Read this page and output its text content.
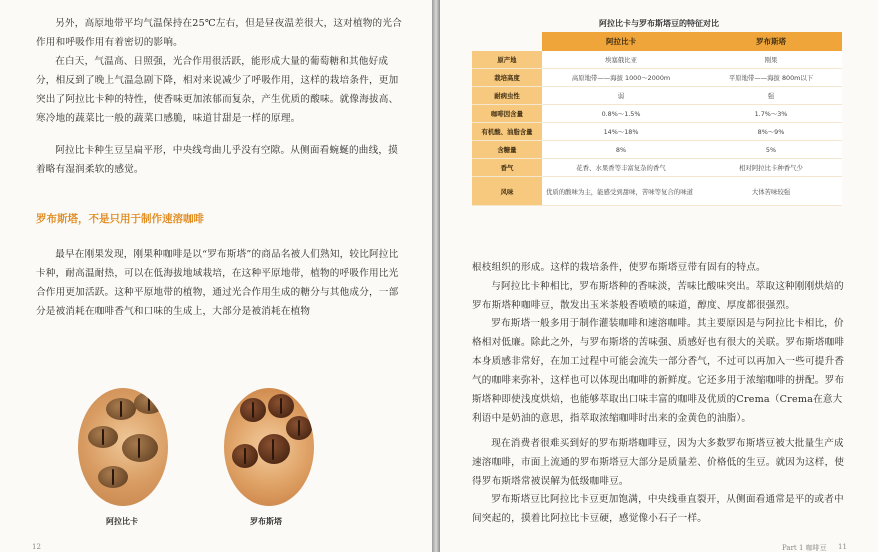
另外，高原地带平均气温保持在25℃左右，但是昼夜温差很大，这对植物的光合作用和呼吸作用有着密切的影响。

在白天，气温高、日照强，光合作用很活跃，能形成大量的葡萄糖和其他好成分，相反到了晚上气温急剧下降，相对来说减少了呼吸作用，这样的栽培条件，更加突出了阿拉比卡种的特性，使香味更加浓郁而复杂，产生优质的酸味。就像海拔高、寒冷地的蔬菜比一般的蔬菜口感脆，味道甘甜是一样的原理。

阿拉比卡种生豆呈扁平形，中央线弯曲儿乎没有空隙。从侧面看蜿蜒的曲线，摸着略有湿润柔软的感觉。

罗布斯塔，不是只用于制作速溶咖啡

最早在刚果发现，刚果种咖啡是以“罗布斯塔”的商品名被人们熟知，较比阿拉比卡种，耐高温耐热，可以在低海拔地域栽培，在这种平原地带，植物的呼吸作用比光合作用更加活跃。这种平原地带的植物，通过光合作用生成的糖分与其他成分，一部分是被消耗在咖啡香气和口味的生成上，大部分是被消耗在植物

阿拉比卡	罗布斯塔
12
阿拉比卡与罗布斯塔豆的特征对比
	阿拉比卡	罗布斯塔
原产地	埃塞俄比亚	刚果
栽培高度	高原地带——海拔 1000～2000m	平原地带——海拔 800m以下
耐病虫性	弱	强
咖啡因含量	0.8%～1.5%	1.7%～3%
有机酸、油脂含量	14%～18%	8%～9%
含糖量	8%	5%
香气	花香、水果香等丰富复杂的香气	相对阿拉比卡种香气少
风味	优质的酸味为主，能感受到甜味，苦味等复合的味道	大体苦味较强

根枝组织的形成。这样的栽培条件，使罗布斯塔豆带有固有的特点。

与阿拉比卡种相比，罗布斯塔种的香味淡，苦味比酸味突出。萃取这种刚刚烘焙的罗布斯塔种咖啡豆，散发出玉米茶般香喷喷的味道，醇度、厚度都很强烈。

罗布斯塔一般多用于制作灌装咖啡和速溶咖啡。其主要原因是与阿拉比卡相比，价格相对低廉。除此之外，与罗布斯塔的苦味强、质感好也有很大的关联。罗布斯塔咖啡本身质感非常好，在加工过程中可能会流失一部分香气，不过可以再加入一些可提升香气的咖啡来弥补，这样也可以体现出咖啡的新鲜度。它还多用于浓缩咖啡的拼配。罗布斯塔种即使浅度烘焙，也能够萃取出口味丰富的咖啡及优质的Crema（Crema在意大利语中是奶油的意思，指萃取浓缩咖啡时出来的金黄色的油脂）。

现在消费者很难买到好的罗布斯塔咖啡豆，因为大多数罗布斯塔豆被大批量生产成速溶咖啡，市面上流通的罗布斯塔豆大部分是质量差、价格低的生豆。就因为这样，使得罗布斯塔常被误解为低级咖啡豆。

罗布斯塔豆比阿拉比卡豆更加饱满，中央线垂直裂开，从侧面看通常是平的或者中间突起的，摸着比阿拉比卡豆硬，感觉像小石子一样。

Part 1 咖啡豆 11
